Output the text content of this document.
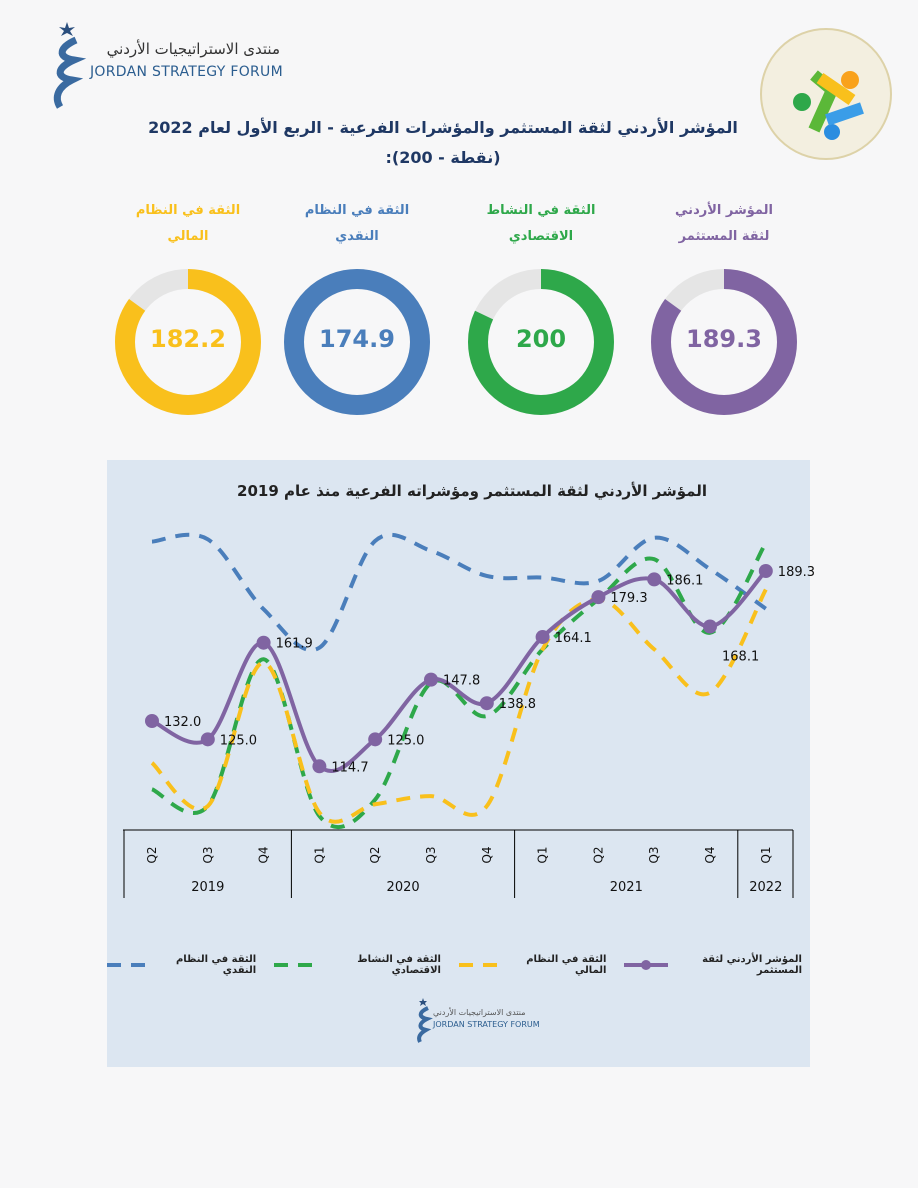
منتدى الاستراتيجيات الأردني
JORDAN STRATEGY FORUM
المؤشر الأردني لثقة المستثمر والمؤشرات الفرعية - الربع الأول لعام 2022
(نقطة - 200):
المؤشر الأردني
لثقة المستثمر
189.3
الثقة في النشاط
الاقتصادي
200
الثقة في النظام
النقدي
174.9
الثقة في النظام
المالي
182.2
المؤشر الأردني لثقة المستثمر ومؤشراته الفرعية منذ عام 2019
132.0
125.0
161.9
114.7
125.0
147.8
138.8
164.1
179.3
186.1
168.1
189.3
2019	2020	2021	2022
Q2	Q3	Q4	Q1	Q2	Q3	Q4	Q1	Q2	Q3	Q4	Q1
المؤشر الأردني لثقة المستثمر
الثقة في النظام المالي
الثقة في النشاط الاقتصادي
الثقة في النظام النقدي
منتدى الاستراتيجيات الأردني
JORDAN STRATEGY FORUM
